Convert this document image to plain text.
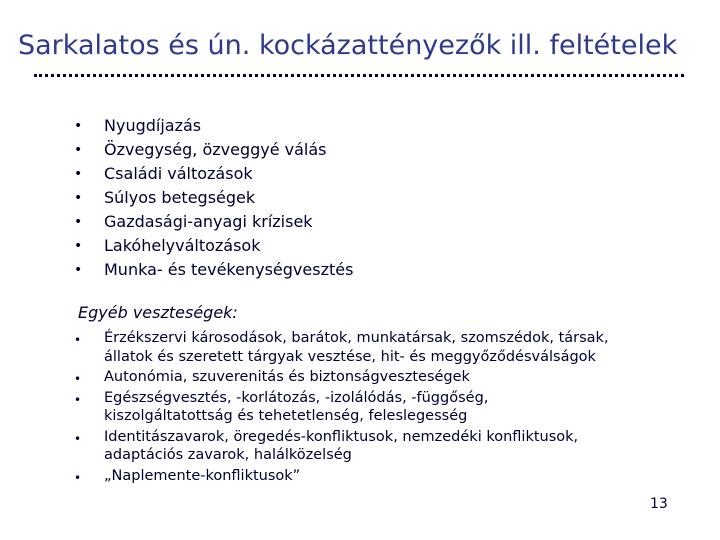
Sarkalatos és ún. kockázattényezők ill. feltételek
• Nyugdíjazás
• Özvegység, özveggyé válás
• Családi változások
• Súlyos betegségek
• Gazdasági-anyagi krízisek
• Lakóhelyváltozások
• Munka- és tevékenységvesztés
Egyéb veszteségek:
• Érzékszervi károsodások, barátok, munkatársak, szomszédok, társak,
állatok és szeretett tárgyak vesztése, hit- és meggyőződésválságok
• Autonómia, szuverenitás és biztonságveszteségek
• Egészségvesztés, -korlátozás, -izolálódás, -függőség,
kiszolgáltatottság és tehetetlenség, feleslegesség
• Identitászavarok, öregedés-konfliktusok, nemzedéki konfliktusok,
adaptációs zavarok, halálközelség
• „Naplemente-konfliktusok”
13
